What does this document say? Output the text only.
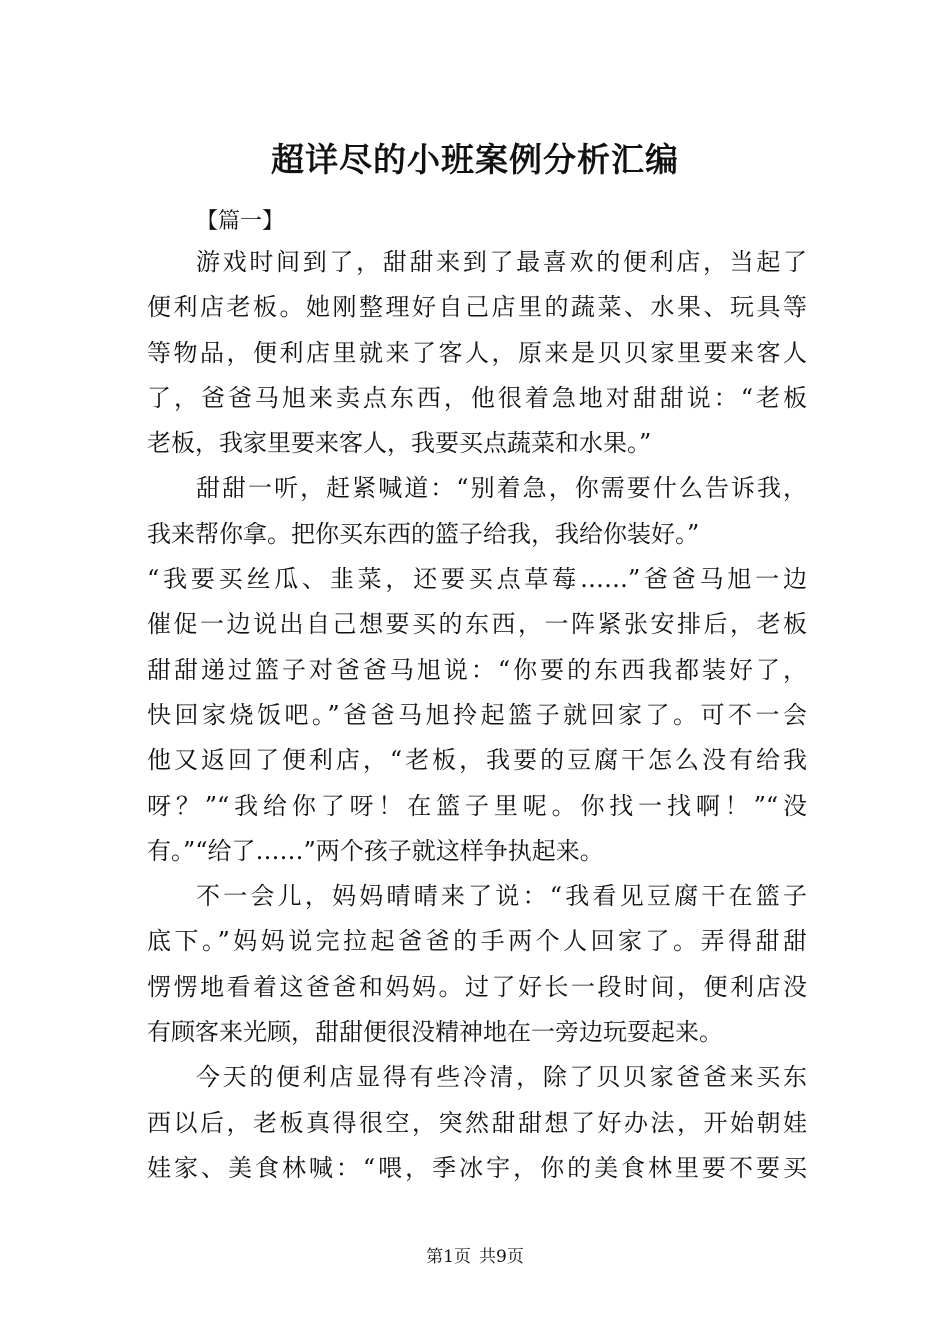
超详尽的小班案例分析汇编

【篇一】

游戏时间到了，甜甜来到了最喜欢的便利店，当起了
便利店老板。她刚整理好自己店里的蔬菜、水果、玩具等
等物品，便利店里就来了客人，原来是贝贝家里要来客人
了，爸爸马旭来卖点东西，他很着急地对甜甜说：“老板
老板，我家里要来客人，我要买点蔬菜和水果。”
甜甜一听，赶紧喊道：“别着急，你需要什么告诉我，
我来帮你拿。把你买东西的篮子给我，我给你装好。”
“我要买丝瓜、韭菜，还要买点草莓……”爸爸马旭一边
催促一边说出自己想要买的东西，一阵紧张安排后，老板
甜甜递过篮子对爸爸马旭说：“你要的东西我都装好了，
快回家烧饭吧。”爸爸马旭拎起篮子就回家了。可不一会
他又返回了便利店，“老板，我要的豆腐干怎么没有给我
呀？”“我给你了呀！在篮子里呢。你找一找啊！”“没
有。”“给了……”两个孩子就这样争执起来。
不一会儿，妈妈晴晴来了说：“我看见豆腐干在篮子
底下。”妈妈说完拉起爸爸的手两个人回家了。弄得甜甜
愣愣地看着这爸爸和妈妈。过了好长一段时间，便利店没
有顾客来光顾，甜甜便很没精神地在一旁边玩耍起来。
今天的便利店显得有些冷清，除了贝贝家爸爸来买东
西以后，老板真得很空，突然甜甜想了好办法，开始朝娃
娃家、美食林喊：“喂，季冰宇，你的美食林里要不要买

第1页 共9页
